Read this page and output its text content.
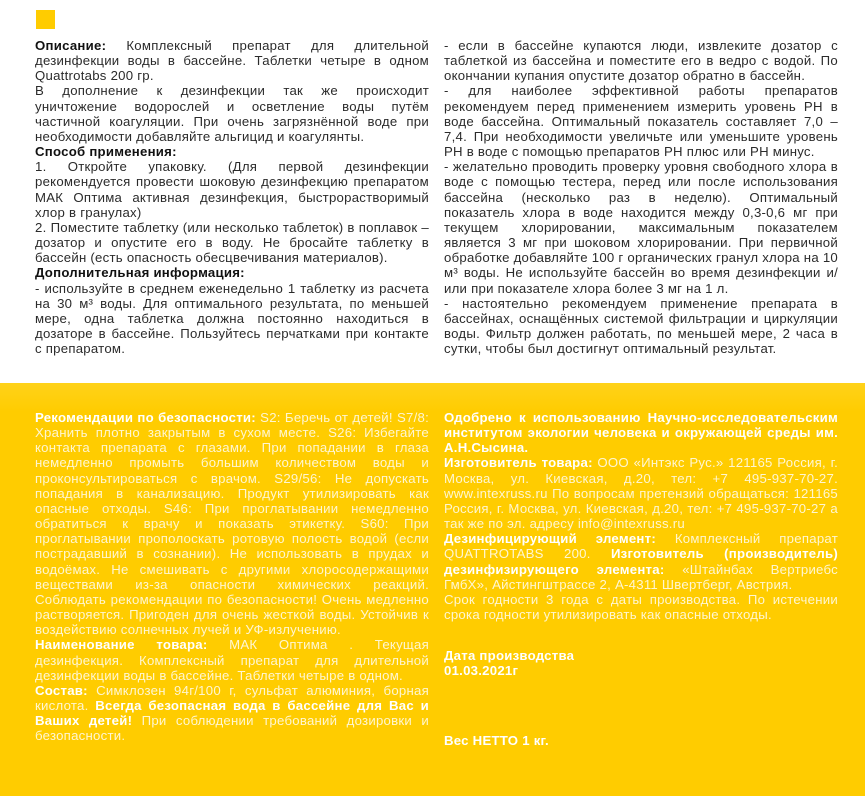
Описание: Комплексный препарат для длительной дезинфекции воды в бассейне. Таблетки четыре в одном Quattrotabs 200 гр.

В дополнение к дезинфекции так же происходит уничтожение водорослей и осветление воды путём частичной коагуляции. При очень загрязнённой воде при необходимости добавляйте альгицид и коагулянты.

Способ применения:

1. Откройте упаковку. (Для первой дезинфекции рекомендуется провести шоковую дезинфекцию препаратом МАК Оптима активная дезинфекция, быстрорастворимый хлор в гранулах)

2. Поместите таблетку (или несколько таблеток) в поплавок – дозатор и опустите его в воду. Не бросайте таблетку в бассейн (есть опасность обесцвечивания материалов).

Дополнительная информация:

- используйте в среднем еженедельно 1 таблетку из расчета на 30 м³ воды. Для оптимального результата, по меньшей мере, одна таблетка должна постоянно находиться в дозаторе в бассейне. Пользуйтесь перчатками при контакте с препаратом.

- если в бассейне купаются люди, извлеките дозатор с таблеткой из бассейна и поместите его в ведро с водой. По окончании купания опустите дозатор обратно в бассейн.

- для наиболее эффективной работы препаратов рекомендуем перед применением измерить уровень PH в воде бассейна. Оптимальный показатель составляет 7,0 – 7,4. При необходимости увеличьте или уменьшите уровень PH в воде с помощью препаратов PH плюс или PH минус.

- желательно проводить проверку уровня свободного хлора в воде с помощью тестера, перед или после использования бассейна (несколько раз в неделю). Оптимальный показатель хлора в воде находится между 0,3-0,6 мг при текущем хлорировании, максимальным показателем является 3 мг при шоковом хлорировании. При первичной обработке добавляйте 100 г органических гранул хлора на 10 м³ воды. Не используйте бассейн во время дезинфекции и/или при показателе хлора более 3 мг на 1 л.

- настоятельно рекомендуем применение препарата в бассейнах, оснащённых системой фильтрации и циркуляции воды. Фильтр должен работать, по меньшей мере, 2 часа в сутки, чтобы был достигнут оптимальный результат.

Рекомендации по безопасности: S2: Беречь от детей! S7/8: Хранить плотно закрытым в сухом месте. S26: Избегайте контакта препарата с глазами. При попадании в глаза немедленно промыть большим количеством воды и проконсультироваться с врачом. S29/56: Не допускать попадания в канализацию. Продукт утилизировать как опасные отходы. S46: При проглатывании немедленно обратиться к врачу и показать этикетку. S60: При проглатывании прополоскать ротовую полость водой (если пострадавший в сознании). Не использовать в прудах и водоёмах. Не смешивать с другими хлоросодержащими веществами из-за опасности химических реакций. Соблюдать рекомендации по безопасности! Очень медленно растворяется. Пригоден для очень жесткой воды. Устойчив к воздействию солнечных лучей и УФ-излучению.

Наименование товара: МАК Оптима . Текущая дезинфекция. Комплексный препарат для длительной дезинфекции воды в бассейне. Таблетки четыре в одном.

Состав: Симклозен 94г/100 г, сульфат алюминия, борная кислота. Всегда безопасная вода в бассейне для Вас и Ваших детей! При соблюдении требований дозировки и безопасности.

Одобрено к использованию Научно-исследовательским институтом экологии человека и окружающей среды им. А.Н.Сысина.

Изготовитель товара: ООО «Интэкс Рус.» 121165 Россия, г. Москва, ул. Киевская, д.20, тел: +7 495-937-70-27. www.intexruss.ru По вопросам претензий обращаться: 121165 Россия, г. Москва, ул. Киевская, д.20, тел: +7 495-937-70-27 а так же по эл. адресу info@intexruss.ru

Дезинфицирующий элемент: Комплексный препарат QUATTROTABS 200. Изготовитель (производитель) дезинфизирующего элемента: «Штайнбах Вертриебс ГмбХ», Айстингштрассе 2, А-4311 Швертберг, Австрия.

Срок годности 3 года с даты производства. По истечении срока годности утилизировать как опасные отходы.

Дата производства

01.03.2021г

Вес НЕТТО 1 кг.
